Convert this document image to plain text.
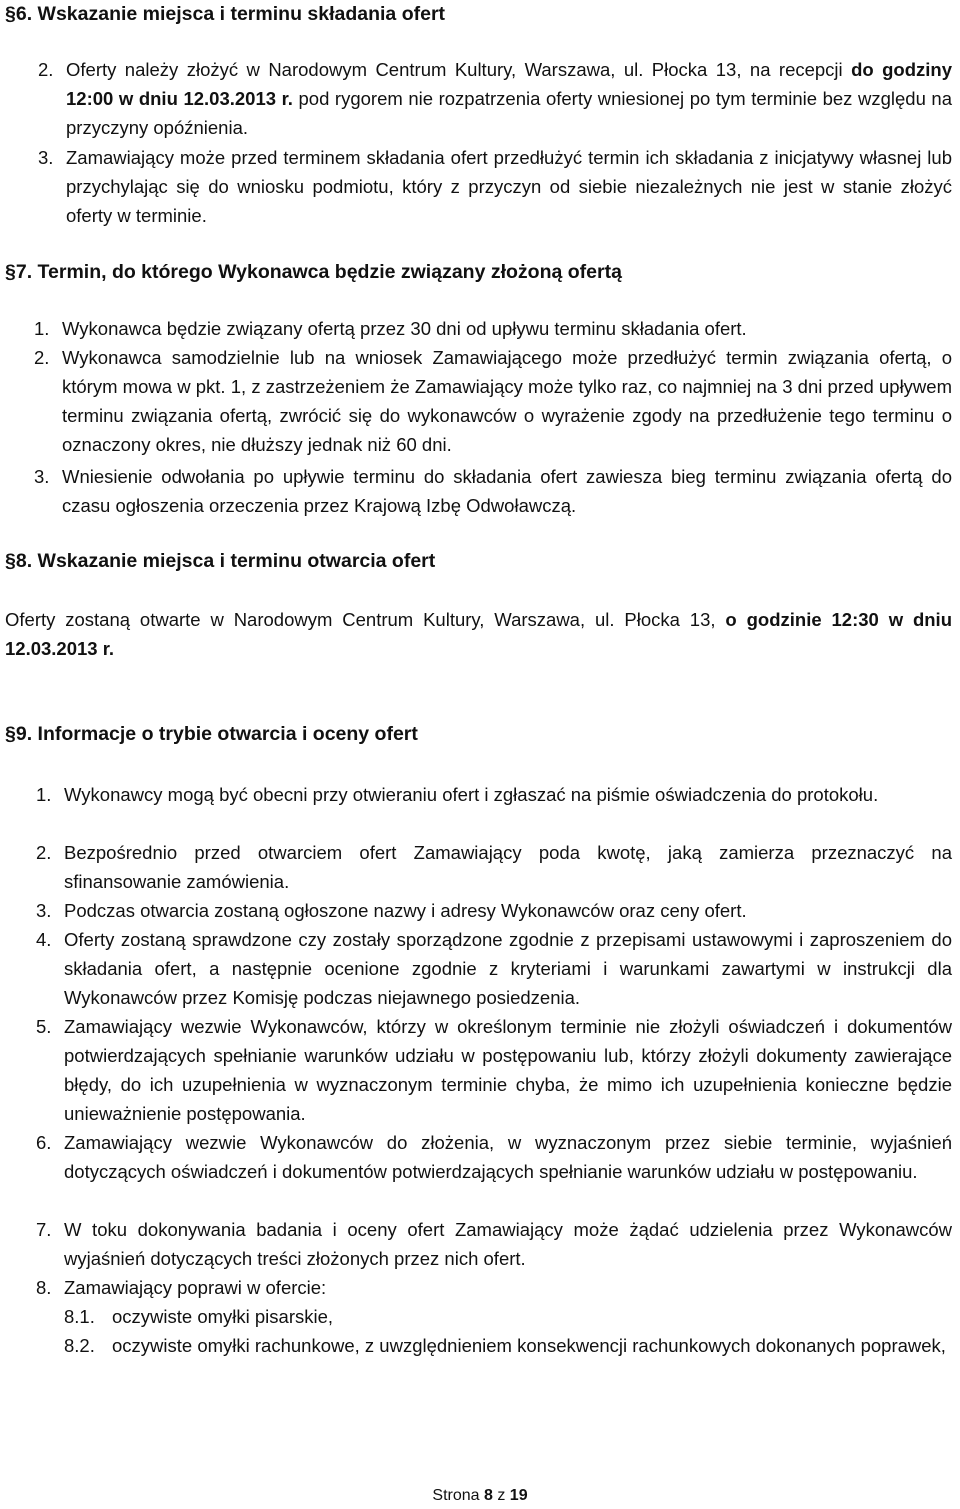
§6. Wskazanie miejsca i terminu składania ofert
2. Oferty należy złożyć w Narodowym Centrum Kultury, Warszawa, ul. Płocka 13, na recepcji do godziny 12:00 w dniu 12.03.2013 r. pod rygorem nie rozpatrzenia oferty wniesionej po tym terminie bez względu na przyczyny opóźnienia.

3. Zamawiający może przed terminem składania ofert przedłużyć termin ich składania z inicjatywy własnej lub przychylając się do wniosku podmiotu, który z przyczyn od siebie niezależnych nie jest w stanie złożyć oferty w terminie.

§7. Termin, do którego Wykonawca będzie związany złożoną ofertą
1. Wykonawca będzie związany ofertą przez 30 dni od upływu terminu składania ofert.

2. Wykonawca samodzielnie lub na wniosek Zamawiającego może przedłużyć termin związania ofertą, o którym mowa w pkt. 1, z zastrzeżeniem że Zamawiający może tylko raz, co najmniej na 3 dni przed upływem terminu związania ofertą, zwrócić się do wykonawców o wyrażenie zgody na przedłużenie tego terminu o oznaczony okres, nie dłuższy jednak niż 60 dni.

3. Wniesienie odwołania po upływie terminu do składania ofert zawiesza bieg terminu związania ofertą do czasu ogłoszenia orzeczenia przez Krajową Izbę Odwoławczą.

§8. Wskazanie miejsca i terminu otwarcia ofert

Oferty zostaną otwarte w Narodowym Centrum Kultury, Warszawa, ul. Płocka 13, o godzinie 12:30 w dniu 12.03.2013 r.

§9. Informacje o trybie otwarcia i oceny ofert
1. Wykonawcy mogą być obecni przy otwieraniu ofert i zgłaszać na piśmie oświadczenia do protokołu.

2. Bezpośrednio przed otwarciem ofert Zamawiający poda kwotę, jaką zamierza przeznaczyć na sfinansowanie zamówienia.

3. Podczas otwarcia zostaną ogłoszone nazwy i adresy Wykonawców oraz ceny ofert.

4. Oferty zostaną sprawdzone czy zostały sporządzone zgodnie z przepisami ustawowymi i zaproszeniem do składania ofert, a następnie ocenione zgodnie z kryteriami i warunkami zawartymi w instrukcji dla Wykonawców przez Komisję podczas niejawnego posiedzenia.

5. Zamawiający wezwie Wykonawców, którzy w określonym terminie nie złożyli oświadczeń i dokumentów potwierdzających spełnianie warunków udziału w postępowaniu lub, którzy złożyli dokumenty zawierające błędy, do ich uzupełnienia w wyznaczonym terminie chyba, że mimo ich uzupełnienia konieczne będzie unieważnienie postępowania.

6. Zamawiający wezwie Wykonawców do złożenia, w wyznaczonym przez siebie terminie, wyjaśnień dotyczących oświadczeń i dokumentów potwierdzających spełnianie warunków udziału w postępowaniu.

7. W toku dokonywania badania i oceny ofert Zamawiający może żądać udzielenia przez Wykonawców wyjaśnień dotyczących treści złożonych przez nich ofert.

8. Zamawiający poprawi w ofercie:

8.1. oczywiste omyłki pisarskie,

8.2. oczywiste omyłki rachunkowe, z uwzględnieniem konsekwencji rachunkowych dokonanych poprawek,

Strona 8 z 19
